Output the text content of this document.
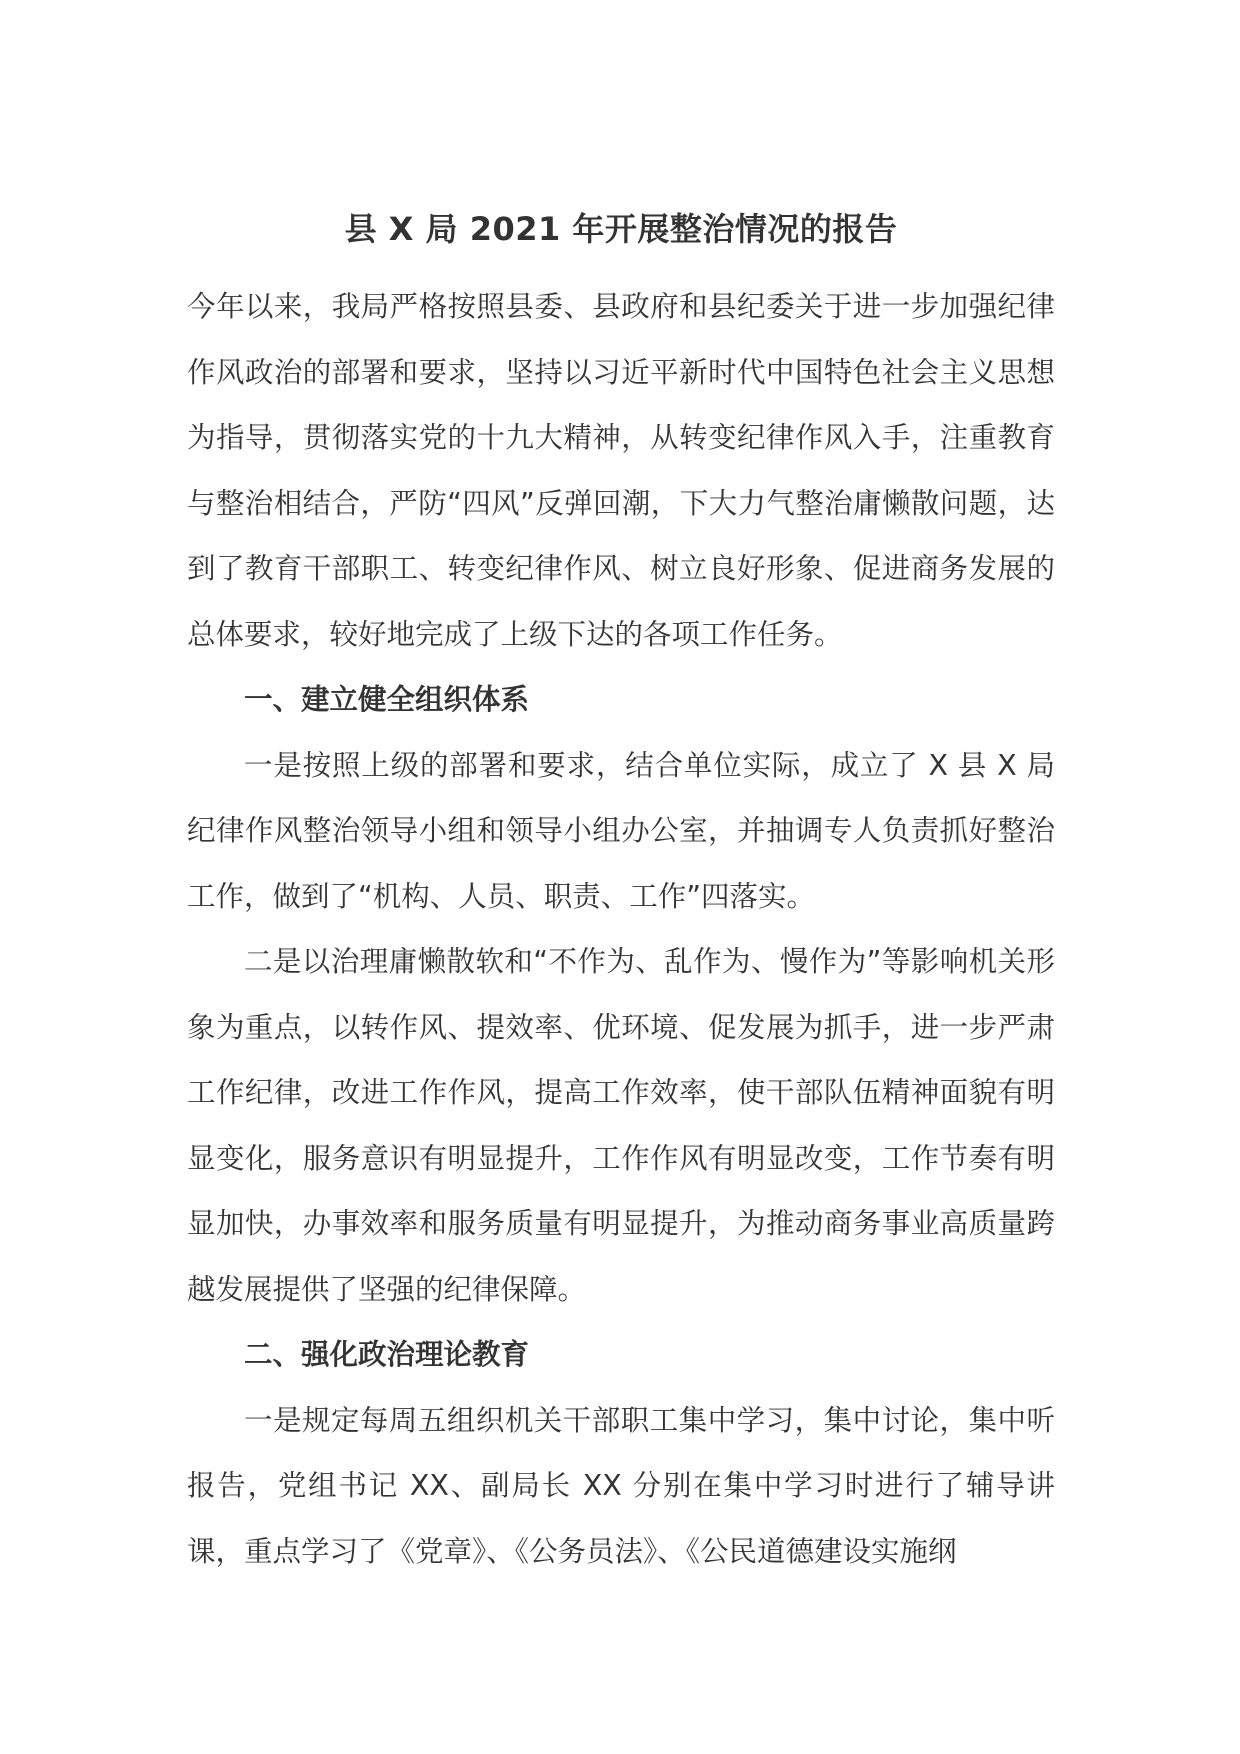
县 X 局 2021 年开展整治情况的报告

今年以来，我局严格按照县委、县政府和县纪委关于进一步加强纪律作风政治的部署和要求，坚持以习近平新时代中国特色社会主义思想为指导，贯彻落实党的十九大精神，从转变纪律作风入手，注重教育与整治相结合，严防“四风”反弹回潮，下大力气整治庸懒散问题，达到了教育干部职工、转变纪律作风、树立良好形象、促进商务发展的总体要求，较好地完成了上级下达的各项工作任务。

一、建立健全组织体系

一是按照上级的部署和要求，结合单位实际，成立了 X 县 X 局纪律作风整治领导小组和领导小组办公室，并抽调专人负责抓好整治工作，做到了“机构、人员、职责、工作”四落实。

二是以治理庸懒散软和“不作为、乱作为、慢作为”等影响机关形象为重点，以转作风、提效率、优环境、促发展为抓手，进一步严肃工作纪律，改进工作作风，提高工作效率，使干部队伍精神面貌有明显变化，服务意识有明显提升，工作作风有明显改变，工作节奏有明显加快，办事效率和服务质量有明显提升，为推动商务事业高质量跨越发展提供了坚强的纪律保障。

二、强化政治理论教育

一是规定每周五组织机关干部职工集中学习，集中讨论，集中听报告，党组书记 XX、副局长 XX 分别在集中学习时进行了辅导讲课，重点学习了《党章》、《公务员法》、《公民道德建设实施纲
